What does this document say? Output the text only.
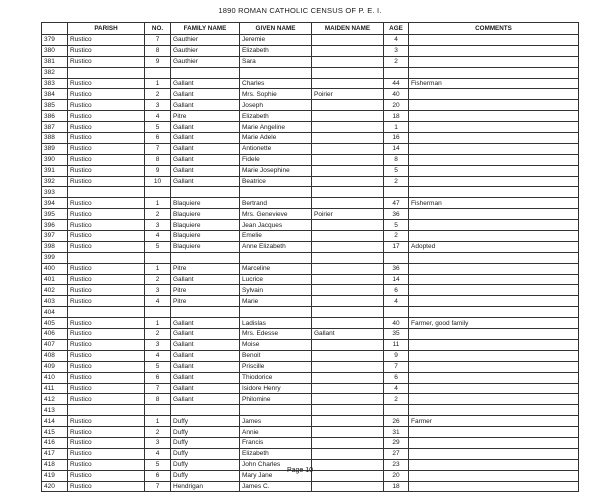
1890 ROMAN CATHOLIC CENSUS OF P. E. I.
	PARISH	NO.	FAMILY NAME	GIVEN NAME	MAIDEN NAME	AGE	COMMENTS
379	Rustico	7	Gauthier	Jeremie		4	
380	Rustico	8	Gauthier	Elizabeth		3	
381	Rustico	9	Gauthier	Sara		2	
382							
383	Rustico	1	Gallant	Charles		44	Fisherman
384	Rustico	2	Gallant	Mrs. Sophie	Poirier	40	
385	Rustico	3	Gallant	Joseph		20	
386	Rustico	4	Pitre	Elizabeth		18	
387	Rustico	5	Gallant	Marie Angeline		1	
388	Rustico	6	Gallant	Marie Adele		16	
389	Rustico	7	Gallant	Antionette		14	
390	Rustico	8	Gallant	Fidele		8	
391	Rustico	9	Gallant	Marie Josephine		5	
392	Rustico	10	Gallant	Beatrice		2	
393							
394	Rustico	1	Blaquiere	Bertrand		47	Fisherman
395	Rustico	2	Blaquiere	Mrs. Genevieve	Poirier	36	
396	Rustico	3	Blaquiere	Jean Jacques		5	
397	Rustico	4	Blaquiere	Emelie		2	
398	Rustico	5	Blaquiere	Anne Elizabeth		17	Adopted
399							
400	Rustico	1	Pitre	Marceline		36	
401	Rustico	2	Gallant	Lucrice		14	
402	Rustico	3	Pitre	Sylvain		6	
403	Rustico	4	Pitre	Marie		4	
404							
405	Rustico	1	Gallant	Ladislas		40	Farmer, good family
406	Rustico	2	Gallant	Mrs. Edesse	Gallant	35	
407	Rustico	3	Gallant	Moise		11	
408	Rustico	4	Gallant	Benoit		9	
409	Rustico	5	Gallant	Priscille		7	
410	Rustico	6	Gallant	Thiodorice		6	
411	Rustico	7	Gallant	Isidore Henry		4	
412	Rustico	8	Gallant	Philomine		2	
413							
414	Rustico	1	Duffy	James		26	Farmer
415	Rustico	2	Duffy	Annie		31	
416	Rustico	3	Duffy	Francis		29	
417	Rustico	4	Duffy	Elizabeth		27	
418	Rustico	5	Duffy	John Charles		23	
419	Rustico	6	Duffy	Mary Jane		20	
420	Rustico	7	Hendrigan	James C.		18	
Page 10
